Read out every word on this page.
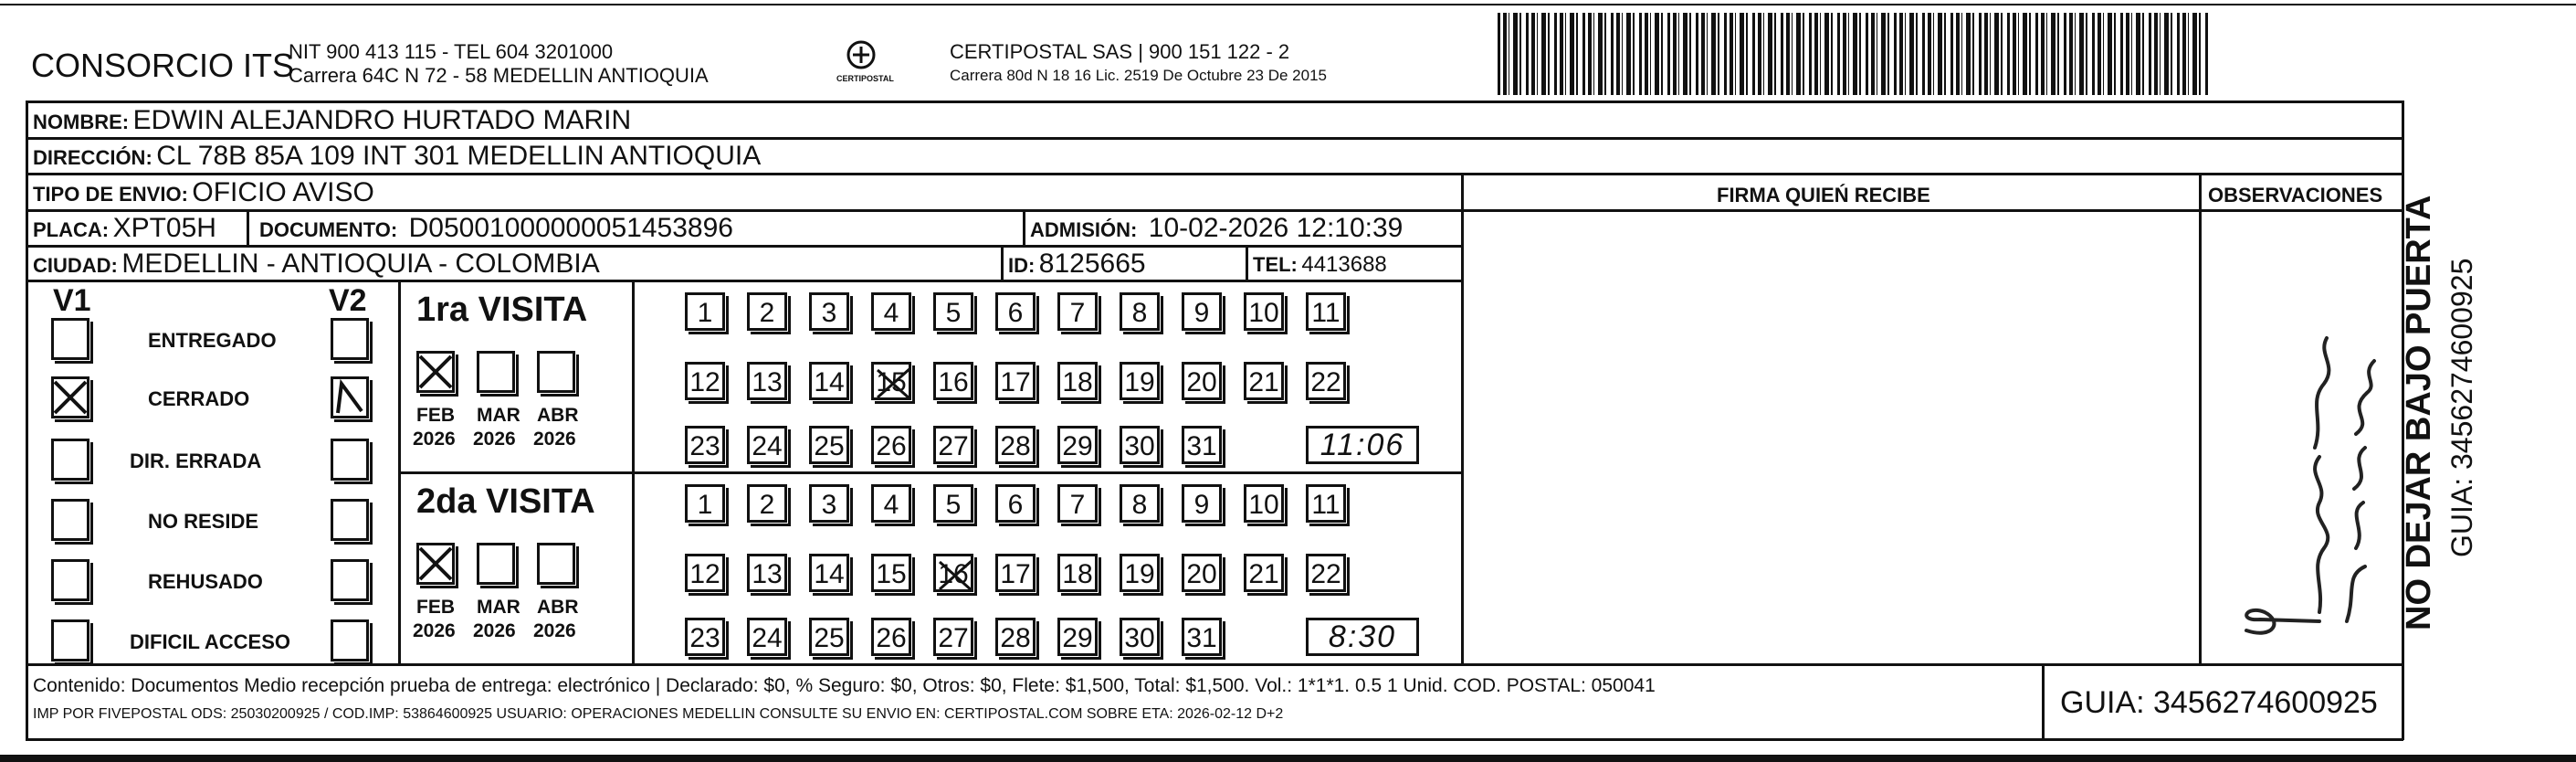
CONSORCIO ITS
NIT 900 413 115 - TEL 604 3201000
Carrera 64C N 72 - 58 MEDELLIN ANTIOQUIA	CERTIPOSTAL
CERTIPOSTAL SAS | 900 151 122 - 2
Carrera 80d N 18 16 Lic. 2519 De Octubre 23 De 2015
NOMBRE: EDWIN ALEJANDRO HURTADO MARIN
DIRECCIÓN: CL 78B 85A 109 INT 301 MEDELLIN ANTIOQUIA
TIPO DE ENVIO: OFICIO AVISO	FIRMA QUIEŃ RECIBE	OBSERVACIONES
PLACA: XPT05H DOCUMENTO: D05001000000051453896	ADMISIÓN: 10-02-2026 12:10:39
CIUDAD: MEDELLIN - ANTIOQUIA - COLOMBIA	ID: 8125665	TEL: 4413688
V1	V2
ENTREGADO
CERRADO
DIR. ERRADA
NO RESIDE
REHUSADO
DIFICIL ACCESO
1ra VISITA
FEB
2026
MAR
2026
ABR
2026
1	2	3	4	5	6	7	8	9	10 11
12 13 14 15 16 17 18 19 20 21 22
23 24 25 26 27 28 29 30 31	11:06
2da VISITA
FEB
2026
MAR
2026
ABR
2026
1	2	3	4	5	6	7	8	9	10 11
12 13 14 15 16 17 18 19 20 21 22
23 24 25 26 27 28 29 30 31	8:30
NO DEJAR BAJO PUERTA GUIA: 3456274600925
Contenido: Documentos Medio recepción prueba de entrega: electrónico | Declarado: $0, % Seguro: $0, Otros: $0, Flete: $1,500, Total: $1,500. Vol.: 1*1*1. 0.5 1 Unid. COD. POSTAL: 050041
IMP POR FIVEPOSTAL ODS: 25030200925 / COD.IMP: 53864600925 USUARIO: OPERACIONES MEDELLIN CONSULTE SU ENVIO EN: CERTIPOSTAL.COM SOBRE ETA: 2026-02-12 D+2	GUIA: 3456274600925
